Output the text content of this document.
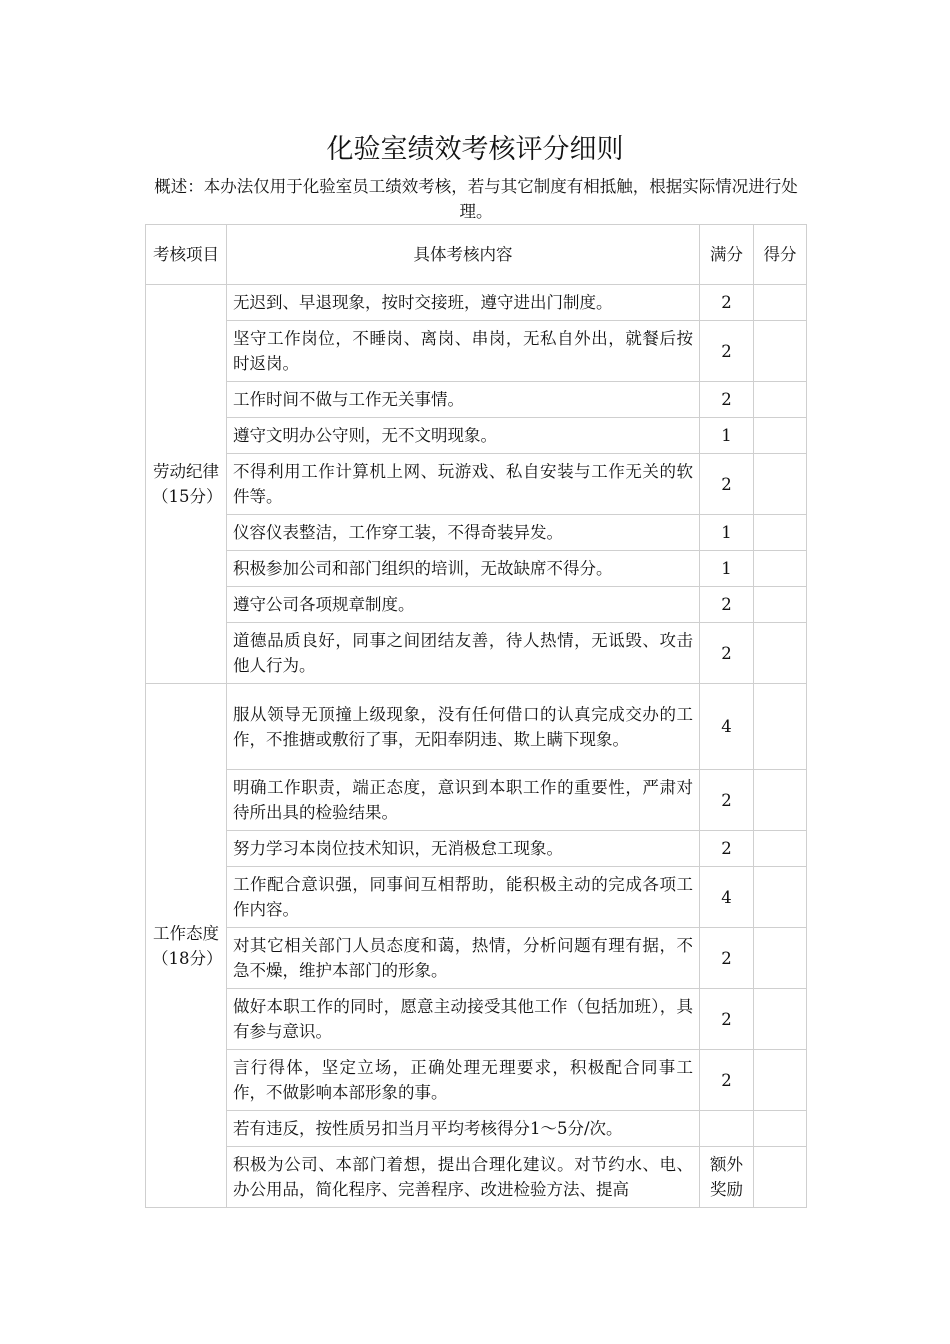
化验室绩效考核评分细则
概述：本办法仅用于化验室员工绩效考核，若与其它制度有相抵触，根据实际情况进行处理。
考核项目	具体考核内容	满分	得分

劳动纪律
（15分）	无迟到、早退现象，按时交接班，遵守进出门制度。	2	
	坚守工作岗位，不睡岗、离岗、串岗，无私自外出，就餐后按时返岗。	2	
	工作时间不做与工作无关事情。	2	
	遵守文明办公守则，无不文明现象。	1	
	不得利用工作计算机上网、玩游戏、私自安装与工作无关的软件等。	2	
	仪容仪表整洁，工作穿工装，不得奇装异发。	1	
	积极参加公司和部门组织的培训，无故缺席不得分。	1	
	遵守公司各项规章制度。	2	
	道德品质良好，同事之间团结友善，待人热情，无诋毁、攻击他人行为。	2	

工作态度
（18分）	服从领导无顶撞上级现象，没有任何借口的认真完成交办的工作，不推搪或敷衍了事，无阳奉阴违、欺上瞒下现象。	4	
	明确工作职责，端正态度，意识到本职工作的重要性，严肃对待所出具的检验结果。	2	
	努力学习本岗位技术知识，无消极怠工现象。	2	
	工作配合意识强，同事间互相帮助，能积极主动的完成各项工作内容。	4	
	对其它相关部门人员态度和蔼，热情，分析问题有理有据，不急不燥，维护本部门的形象。	2	
	做好本职工作的同时，愿意主动接受其他工作（包括加班），具有参与意识。	2	
	言行得体，坚定立场，正确处理无理要求，积极配合同事工作，不做影响本部形象的事。	2	
	若有违反，按性质另扣当月平均考核得分1～5分/次。		
	积极为公司、本部门着想，提出合理化建议。对节约水、电、办公用品，简化程序、完善程序、改进检验方法、提高	额外奖励	
